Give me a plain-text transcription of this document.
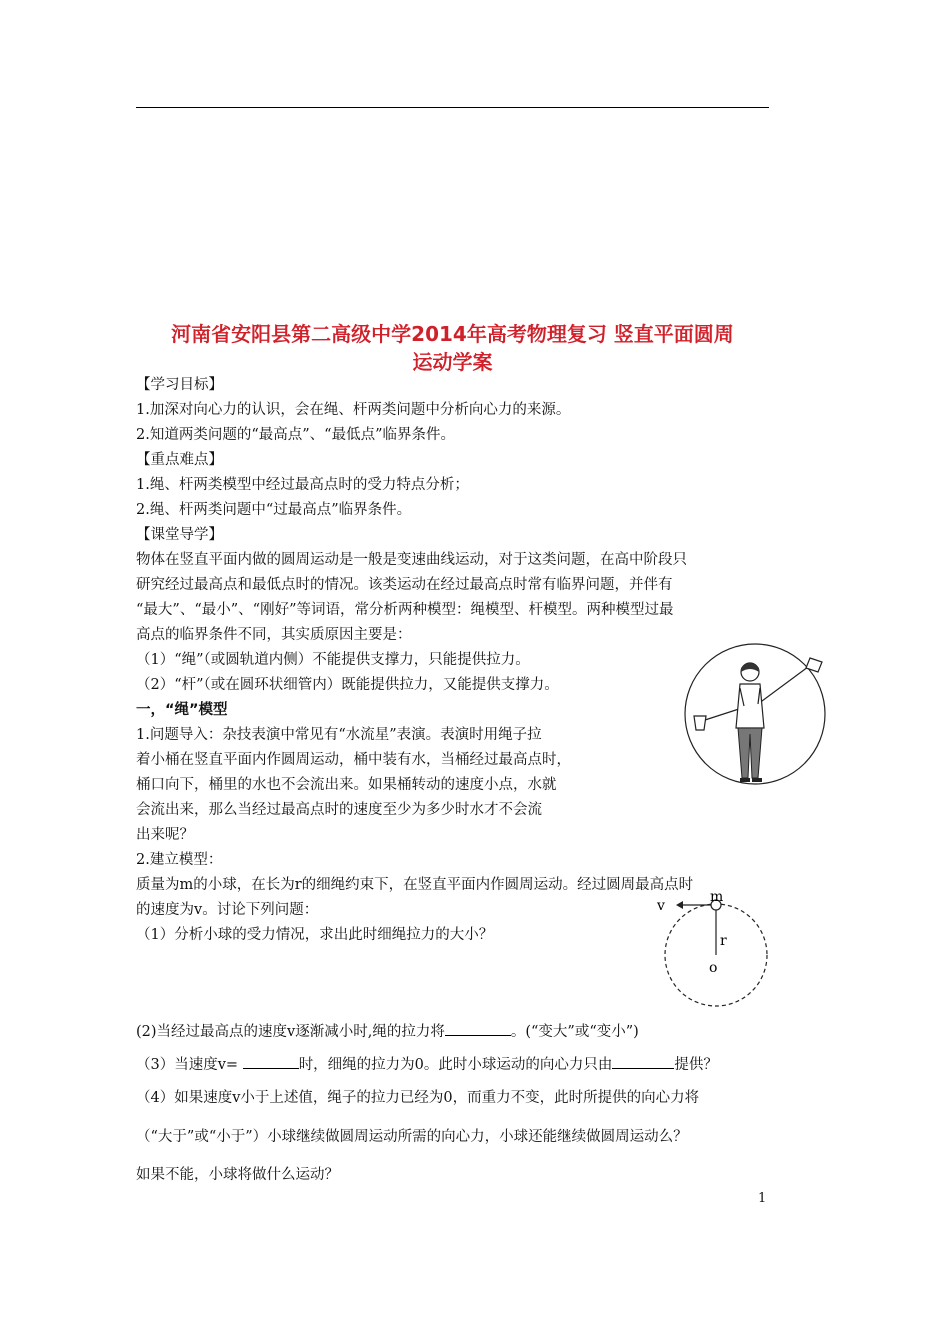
河南省安阳县第二高级中学2014年高考物理复习 竖直平面圆周
运动学案
【学习目标】
1.加深对向心力的认识，会在绳、杆两类问题中分析向心力的来源。
2.知道两类问题的“最高点”、“最低点”临界条件。
【重点难点】
1.绳、杆两类模型中经过最高点时的受力特点分析；
2.绳、杆两类问题中“过最高点”临界条件。
【课堂导学】
物体在竖直平面内做的圆周运动是一般是变速曲线运动，对于这类问题，在高中阶段只
研究经过最高点和最低点时的情况。该类运动在经过最高点时常有临界问题，并伴有
“最大”、“最小”、“刚好”等词语，常分析两种模型：绳模型、杆模型。两种模型过最
高点的临界条件不同，其实质原因主要是：
（1）“绳”（或圆轨道内侧）不能提供支撑力，只能提供拉力。
（2）“杆”（或在圆环状细管内）既能提供拉力，又能提供支撑力。
一，“绳”模型
1.问题导入：杂技表演中常见有“水流星”表演。表演时用绳子拉
着小桶在竖直平面内作圆周运动，桶中装有水，当桶经过最高点时，
桶口向下，桶里的水也不会流出来。如果桶转动的速度小点，水就
会流出来，那么当经过最高点时的速度至少为多少时水才不会流
出来呢？
2.建立模型：
质量为m的小球，在长为r的细绳约束下，在竖直平面内作圆周运动。经过圆周最高点时
的速度为v。讨论下列问题：
（1）分析小球的受力情况，求出此时细绳拉力的大小？
(2)当经过最高点的速度v逐渐减小时,绳的拉力将	。(“变大”或“变小”)
（3）当速度v=	时，细绳的拉力为0。此时小球运动的向心力只由	提供？
（4）如果速度v小于上述值，绳子的拉力已经为0，而重力不变，此时所提供的向心力将
（“大于”或“小于”）小球继续做圆周运动所需的向心力，小球还能继续做圆周运动么？
如果不能，小球将做什么运动？
v
m
r
o
1
